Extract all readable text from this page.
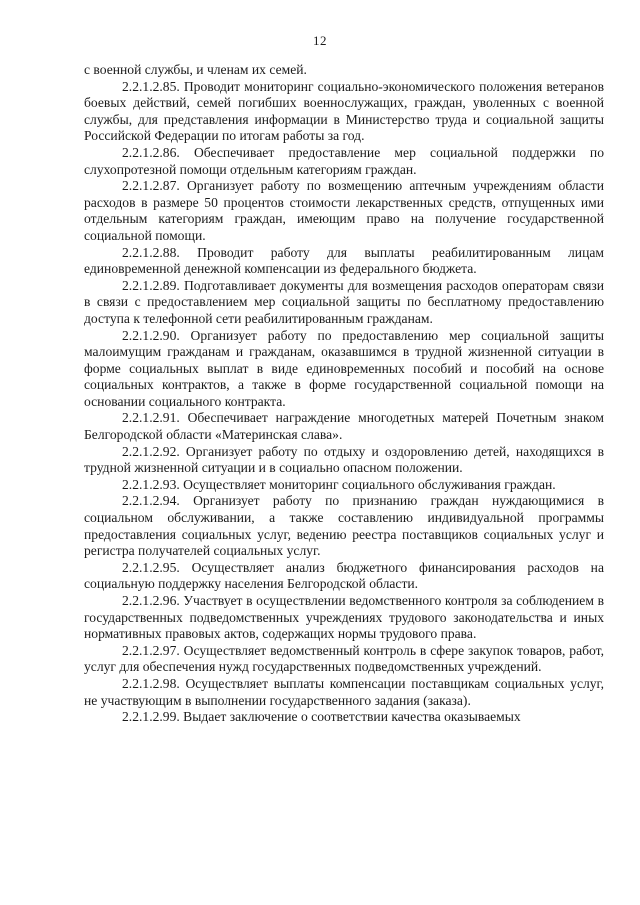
12

с военной службы, и членам их семей.

2.2.1.2.85. Проводит мониторинг социально-экономического положения ветеранов боевых действий, семей погибших военнослужащих, граждан, уволенных с военной службы, для представления информации в Министерство труда и социальной защиты Российской Федерации по итогам работы за год.

2.2.1.2.86. Обеспечивает предоставление мер социальной поддержки по слухопротезной помощи отдельным категориям граждан.

2.2.1.2.87. Организует работу по возмещению аптечным учреждениям области расходов в размере 50 процентов стоимости лекарственных средств, отпущенных ими отдельным категориям граждан, имеющим право на получение государственной социальной помощи.

2.2.1.2.88. Проводит работу для выплаты реабилитированным лицам единовременной денежной компенсации из федерального бюджета.

2.2.1.2.89. Подготавливает документы для возмещения расходов операторам связи в связи с предоставлением мер социальной защиты по бесплатному предоставлению доступа к телефонной сети реабилитированным гражданам.

2.2.1.2.90. Организует работу по предоставлению мер социальной защиты малоимущим гражданам и гражданам, оказавшимся в трудной жизненной ситуации в форме социальных выплат в виде единовременных пособий и пособий на основе социальных контрактов, а также в форме государственной социальной помощи на основании социального контракта.

2.2.1.2.91. Обеспечивает награждение многодетных матерей Почетным знаком Белгородской области «Материнская слава».

2.2.1.2.92. Организует работу по отдыху и оздоровлению детей, находящихся в трудной жизненной ситуации и в социально опасном положении.

2.2.1.2.93. Осуществляет мониторинг социального обслуживания граждан.

2.2.1.2.94. Организует работу по признанию граждан нуждающимися в социальном обслуживании, а также составлению индивидуальной программы предоставления социальных услуг, ведению реестра поставщиков социальных услуг и регистра получателей социальных услуг.

2.2.1.2.95. Осуществляет анализ бюджетного финансирования расходов на социальную поддержку населения Белгородской области.

2.2.1.2.96. Участвует в осуществлении ведомственного контроля за соблюдением в государственных подведомственных учреждениях трудового законодательства и иных нормативных правовых актов, содержащих нормы трудового права.

2.2.1.2.97. Осуществляет ведомственный контроль в сфере закупок товаров, работ, услуг для обеспечения нужд государственных подведомственных учреждений.

2.2.1.2.98. Осуществляет выплаты компенсации поставщикам социальных услуг, не участвующим в выполнении государственного задания (заказа).

2.2.1.2.99. Выдает заключение о соответствии качества оказываемых
